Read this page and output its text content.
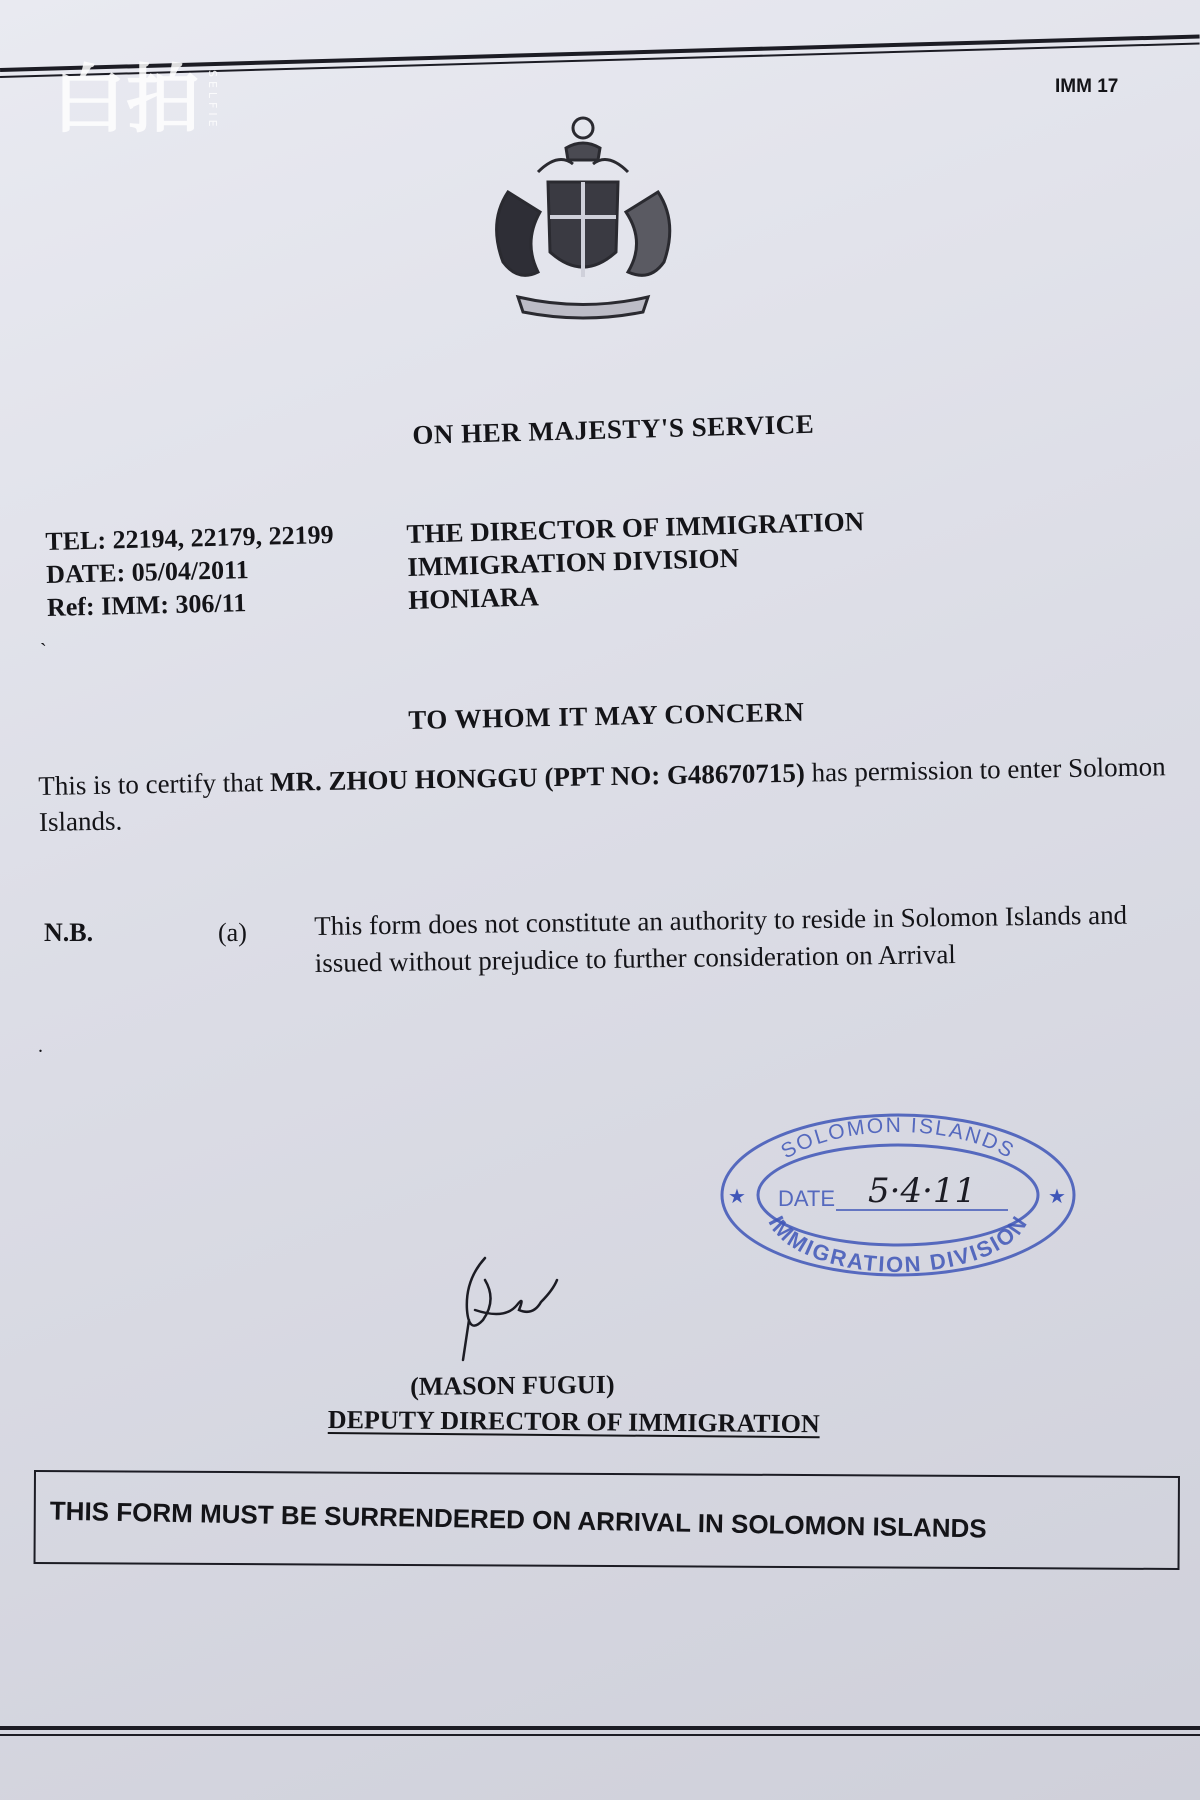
白拍 SELFIE	IMM 17
ON HER MAJESTY'S SERVICE
TEL: 22194, 22179, 22199
DATE: 05/04/2011
Ref: IMM: 306/11
THE DIRECTOR OF IMMIGRATION
IMMIGRATION DIVISION
HONIARA
TO WHOM IT MAY CONCERN
This is to certify that MR. ZHOU HONGGU (PPT NO: G48670715) has permission to enter Solomon Islands.
N.B.	(a) This form does not constitute an authority to reside in Solomon Islands and issued without prejudice to further consideration on Arrival
SOLOMON ISLANDS
IMMIGRATION DIVISION
★	★
DATE 5·4·11
(MASON FUGUI)
DEPUTY DIRECTOR OF IMMIGRATION
THIS FORM MUST BE SURRENDERED ON ARRIVAL IN SOLOMON ISLANDS
`
.
